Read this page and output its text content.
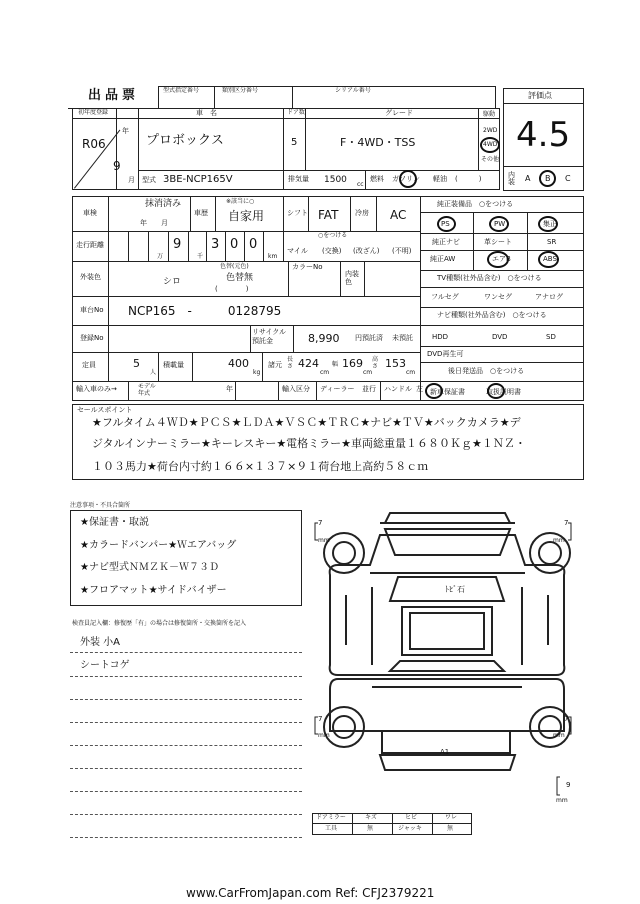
出品票	型式指定番号	類別区分番号	シリアル番号
評価点
4.5
内装	A B C
初年度登録
R06
年
9
月
車　名
プロボックス
ドア数
5
グレード
F・4WD・TSS
駆動
2WD
4WD
その他
型式 3BE-NCP165V	排気量 1500 cc
燃料 ガソリン 軽油 (　　　)
車検
抹消済み
年　　月
車歴
※該当に○
自家用	シフト FAT 冷房 AC
走行距離	9 3 0 0
万	千	km
○をつける
マイル (交換) (改ざん) (不明)
外装色	シロ
色替(元色)
色替無
(　　　　)
カラーNo
内装色
車台No NCP165　-　　　0128795
登録No
リサイクル預託金	8,990 円預託済 未預託
定員	5
人
積載量	400
kg
諸元
長さ 424
cm
幅 169
cm
高さ 153
cm
輸入車のみ→	モデル年式
年	輸入区分 ディーラー 並行 ハンドル 左
純正装備品　○をつける
PS	PW	集正
純正ナビ	革シート	SR
純正AW	エアB	ABS
TV種類(社外品含む)　○をつける
フルセグ	ワンセグ	アナログ
ナビ種類(社外品含む)　○をつける
HDD	DVD	SD
DVD再生可
後日発送品　○をつける
新車保証書	取扱説明書
セールスポイント
★フルタイム４ＷＤ★ＰＣＳ★ＬＤＡ★ＶＳＣ★ＴＲＣ★ナビ★ＴＶ★バックカメラ★デ
ジタルインナーミラー★キーレスキー★電格ミラー★車両総重量１６８０Ｋｇ★１ＮＺ・
１０３馬力★荷台内寸約１６６×１３７×９１荷台地上高約５８ｃｍ
注意事項・不具合箇所
★保証書・取説
★カラードバンパー★Ｗエアバッグ
★ナビ型式ＮＭＺＫ－Ｗ７３Ｄ
★フロアマット★サイドバイザー
検査員記入欄：修復歴「有」の場合は修復箇所・交換箇所を記入
外装 小A
シートコゲ
7
mm
7
mm
7
mm
7
mm
9
mm
ﾄﾋﾞ石
A1
ドアミラー	キズ	ヒビ	ワレ
工具	無	ジャッキ	無
www.CarFromJapan.com Ref: CFJ2379221
